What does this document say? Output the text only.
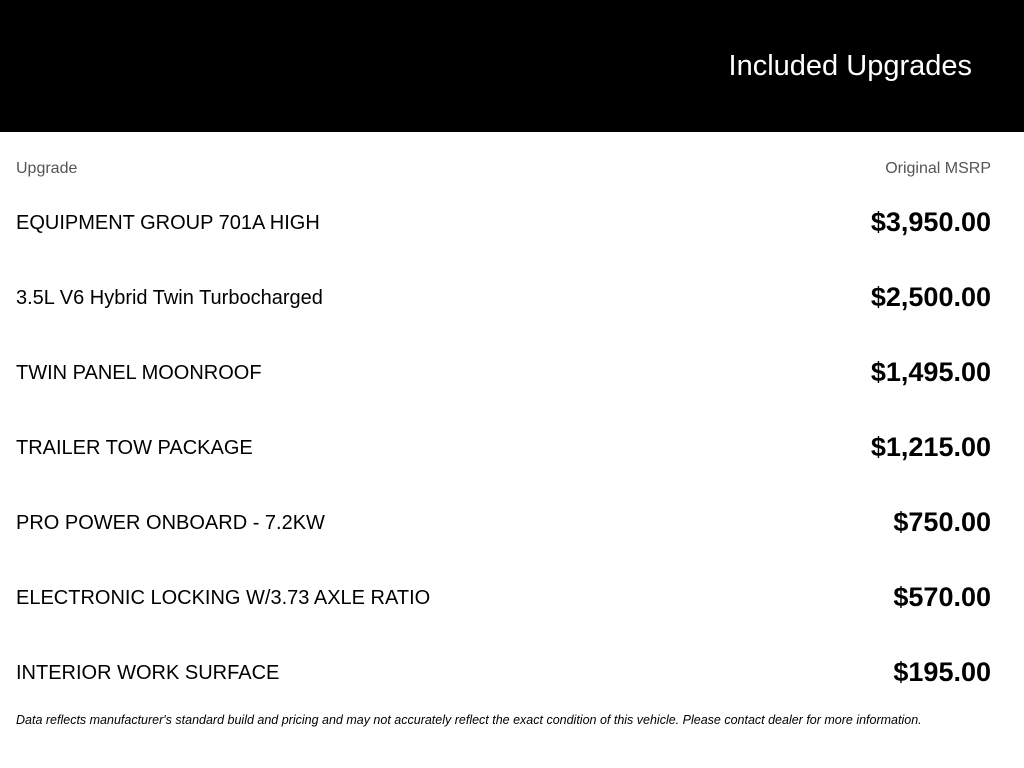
Included Upgrades
Upgrade	Original MSRP
EQUIPMENT GROUP 701A HIGH	$3,950.00
3.5L V6 Hybrid Twin Turbocharged	$2,500.00
TWIN PANEL MOONROOF	$1,495.00
TRAILER TOW PACKAGE	$1,215.00
PRO POWER ONBOARD - 7.2KW	$750.00
ELECTRONIC LOCKING W/3.73 AXLE RATIO	$570.00
INTERIOR WORK SURFACE	$195.00
Data reflects manufacturer's standard build and pricing and may not accurately reflect the exact condition of this vehicle. Please contact dealer for more information.
